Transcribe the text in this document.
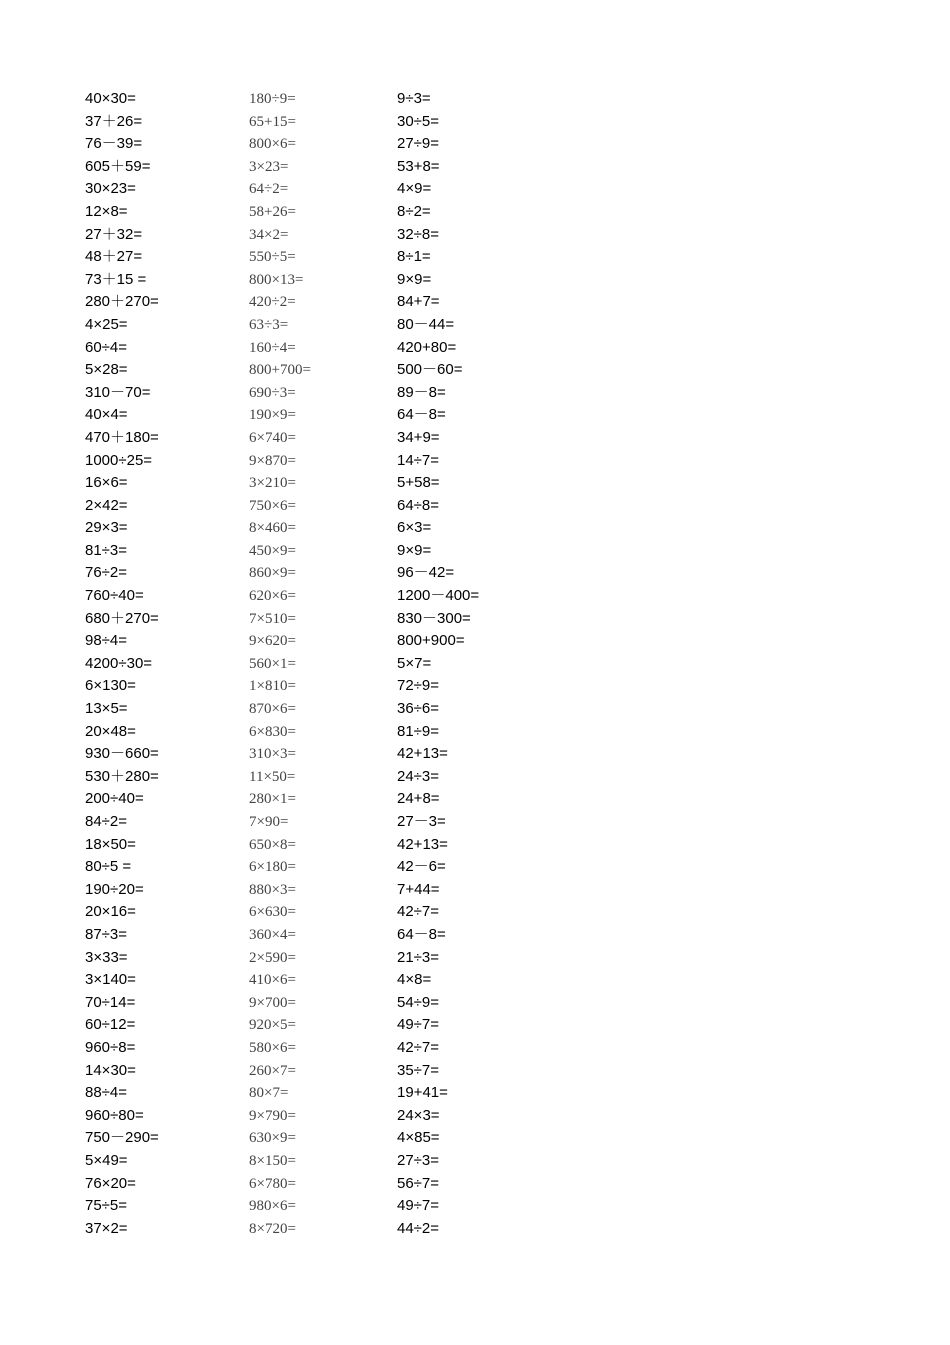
40×30=
37＋26=
76－39=
605＋59=
30×23=
12×8=
27＋32=
48＋27=
73＋15 =
280＋270=
4×25=
60÷4=
5×28=
310－70=
40×4=
470＋180=
1000÷25=
16×6=
2×42=
29×3=
81÷3=
76÷2=
760÷40=
680＋270=
98÷4=
4200÷30=
6×130=
13×5=
20×48=
930－660=
530＋280=
200÷40=
84÷2=
18×50=
80÷5 =
190÷20=
20×16=
87÷3=
3×33=
3×140=
70÷14=
60÷12=
960÷8=
14×30=
88÷4=
960÷80=
750－290=
5×49=
76×20=
75÷5=
37×2=
180÷9=
65+15=
800×6=
3×23=
64÷2=
58+26=
34×2=
550÷5=
800×13=
420÷2=
63÷3=
160÷4=
800+700=
690÷3=
190×9=
6×740=
9×870=
3×210=
750×6=
8×460=
450×9=
860×9=
620×6=
7×510=
9×620=
560×1=
1×810=
870×6=
6×830=
310×3=
11×50=
280×1=
7×90=
650×8=
6×180=
880×3=
6×630=
360×4=
2×590=
410×6=
9×700=
920×5=
580×6=
260×7=
80×7=
9×790=
630×9=
8×150=
6×780=
980×6=
8×720=
9÷3=
30÷5=
27÷9=
53+8=
4×9=
8÷2=
32÷8=
8÷1=
9×9=
84+7=
80－44=
420+80=
500－60=
89－8=
64－8=
34+9=
14÷7=
5+58=
64÷8=
6×3=
9×9=
96－42=
1200－400=
830－300=
800+900=
5×7=
72÷9=
36÷6=
81÷9=
42+13=
24÷3=
24+8=
27－3=
42+13=
42－6=
7+44=
42÷7=
64－8=
21÷3=
4×8=
54÷9=
49÷7=
42÷7=
35÷7=
19+41=
24×3=
4×85=
27÷3=
56÷7=
49÷7=
44÷2=
